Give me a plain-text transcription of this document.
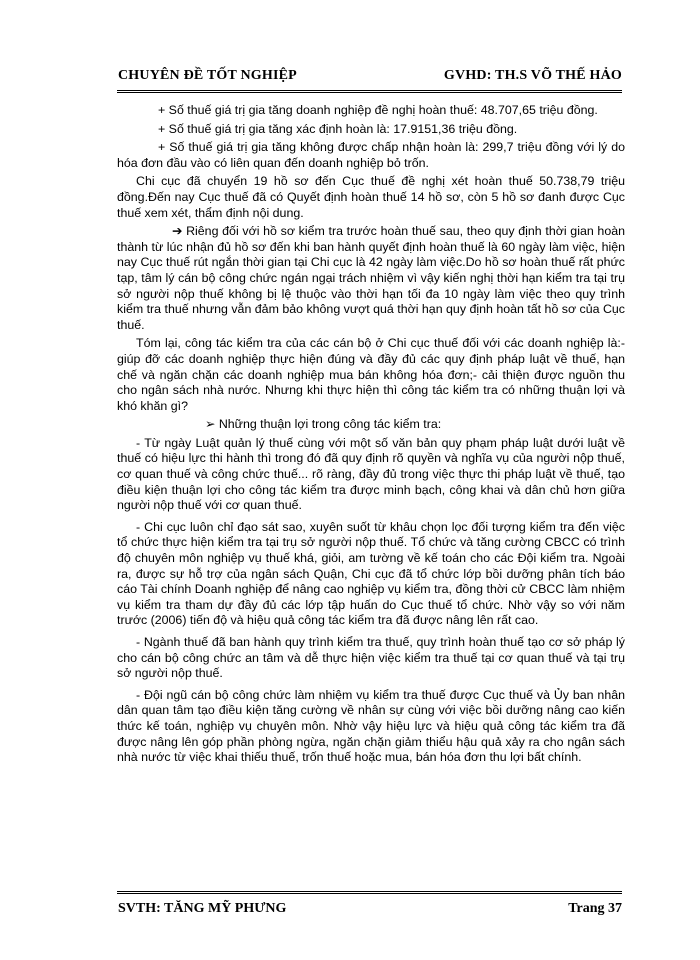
CHUYÊN ĐỀ TỐT NGHIỆP	GVHD: TH.S VÕ THẾ HẢO

+ Số thuế giá trị gia tăng doanh nghiệp đề nghị hoàn thuế: 48.707,65 triệu đồng.

+ Số thuế giá trị gia tăng xác định hoàn là: 17.9151,36 triệu đồng.

+ Số thuế giá trị gia tăng không được chấp nhận hoàn là: 299,7 triệu đồng với lý do hóa đơn đầu vào có liên quan đến doanh nghiệp bỏ trốn.

Chi cục đã chuyển 19 hồ sơ đến Cục thuế đề nghị xét hoàn thuế 50.738,79 triệu đồng.Đến nay Cục thuế đã có Quyết định hoàn thuế 14 hồ sơ, còn 5 hồ sơ đanh được Cục thuế xem xét, thẩm định nội dung.

➔ Riêng đối với hồ sơ kiểm tra trước hoàn thuế sau, theo quy định thời gian hoàn thành từ lúc nhận đủ hồ sơ đến khi ban hành quyết định hoàn thuế là 60 ngày làm việc, hiện nay Cục thuế rút ngắn thời gian tại Chi cục là 42 ngày làm việc.Do hồ sơ hoàn thuế rất phức tạp, tâm lý cán bộ công chức ngán ngại trách nhiệm vì vậy kiến nghị thời hạn kiểm tra tại trụ sở người nộp thuế không bị lệ thuộc vào thời hạn tối đa 10 ngày làm việc theo quy trình kiểm tra thuế nhưng vẫn đảm bảo không vượt quá thời hạn quy định hoàn tất hồ sơ của Cục thuế.

Tóm lại, công tác kiểm tra của các cán bộ ở Chi cục thuế đối với các doanh nghiệp là:- giúp đỡ các doanh nghiệp thực hiện đúng và đầy đủ các quy định pháp luật về thuế, hạn chế và ngăn chặn các doanh nghiệp mua bán không hóa đơn;- cải thiện được nguồn thu cho ngân sách nhà nước. Nhưng khi thực hiện thì công tác kiểm tra có những thuận lợi và khó khăn gì?

➢ Những thuận lợi trong công tác kiểm tra:

- Từ ngày Luật quản lý thuế cùng với một số văn bản quy phạm pháp luật dưới luật về thuế có hiệu lực thi hành thì trong đó đã quy định rõ quyền và nghĩa vụ của người nộp thuế, cơ quan thuế và công chức thuế... rõ ràng, đầy đủ trong việc thực thi pháp luật về thuế, tạo điều kiện thuận lợi cho công tác kiểm tra được minh bạch, công khai và dân chủ hơn giữa người nộp thuế với cơ quan thuế.

- Chi cục luôn chỉ đạo sát sao, xuyên suốt từ khâu chọn lọc đối tượng kiểm tra đến việc tổ chức thực hiện kiểm tra tại trụ sở người nộp thuế. Tổ chức và tăng cường CBCC có trình độ chuyên môn nghiệp vụ thuế khá, giỏi, am tường về kế toán cho các Đội kiểm tra. Ngoài ra, được sự hỗ trợ của ngân sách Quận, Chi cục đã tổ chức lớp bồi dưỡng phân tích báo cáo Tài chính Doanh nghiệp để nâng cao nghiệp vụ kiểm tra, đồng thời cử CBCC làm nhiệm vụ kiểm tra tham dự đầy đủ các lớp tập huấn do Cục thuế tổ chức. Nhờ vậy so với năm trước (2006) tiến độ và hiệu quả công tác kiểm tra đã được nâng lên rất cao.

- Ngành thuế đã ban hành quy trình kiểm tra thuế, quy trình hoàn thuế tạo cơ sở pháp lý cho cán bộ công chức an tâm và dễ thực hiện việc kiểm tra thuế tại cơ quan thuế và tại trụ sở người nộp thuế.

- Đội ngũ cán bộ công chức làm nhiệm vụ kiểm tra thuế được Cục thuế và Ủy ban nhân dân quan tâm tạo điều kiện tăng cường về nhân sự cùng với việc bồi dưỡng nâng cao kiến thức kế toán, nghiệp vụ chuyên môn. Nhờ vậy hiệu lực và hiệu quả công tác kiểm tra đã được nâng lên góp phần phòng ngừa, ngăn chặn giảm thiểu hậu quả xảy ra cho ngân sách nhà nước từ việc khai thiếu thuế, trốn thuế hoặc mua, bán hóa đơn thu lợi bất chính.

SVTH: TĂNG MỸ PHƯNG	Trang 37
